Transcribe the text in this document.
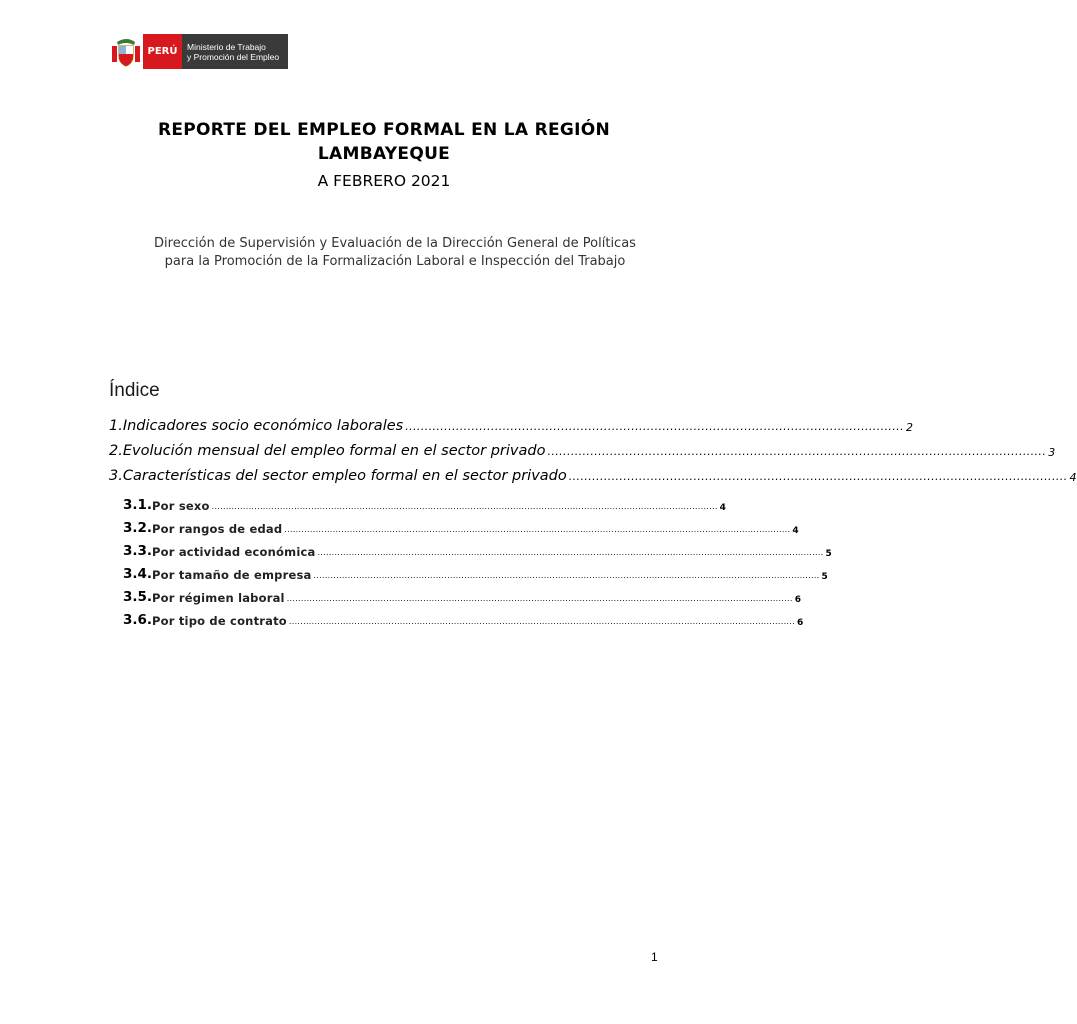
PERÚ	Ministerio de Trabajo
y Promoción del Empleo
REPORTE DEL EMPLEO FORMAL EN LA REGIÓN
LAMBAYEQUE
A FEBRERO 2021
Dirección de Supervisión y Evaluación de la Dirección General de Políticas
para la Promoción de la Formalización Laboral e Inspección del Trabajo
Índice
1. Indicadores socio económico laborales ................................................................................................................................ 2
2. Evolución mensual del empleo formal en el sector privado ................................................................................................................................ 3
3. Características del sector empleo formal en el sector privado ................................................................................................................................ 4
3.1. Por sexo .................................................................................................................................................................................. 4
3.2. Por rangos de edad .................................................................................................................................................................................. 4
3.3. Por actividad económica .................................................................................................................................................................................. 5
3.4. Por tamaño de empresa .................................................................................................................................................................................. 5
3.5. Por régimen laboral .................................................................................................................................................................................. 6
3.6. Por tipo de contrato .................................................................................................................................................................................. 6
1
